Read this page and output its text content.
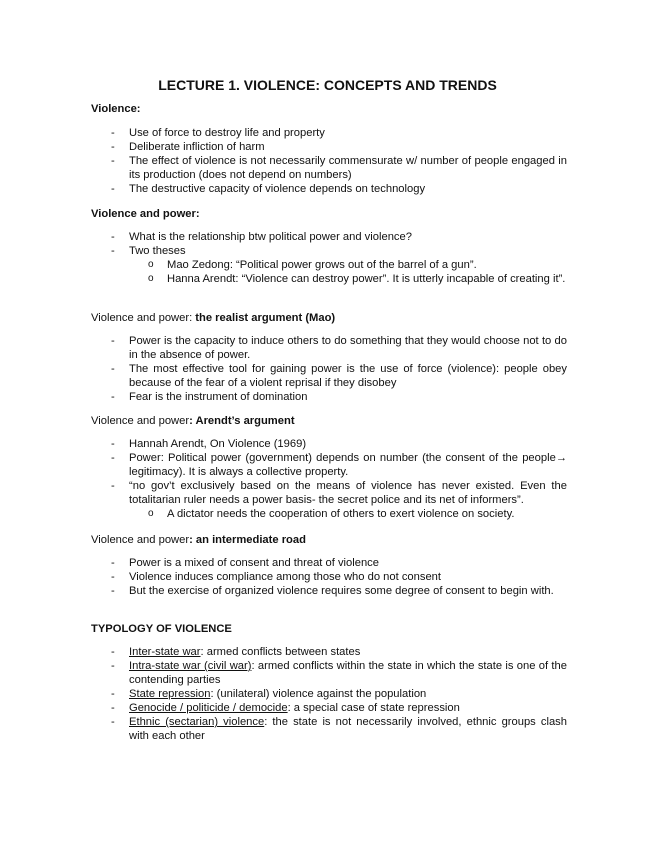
LECTURE 1. VIOLENCE: CONCEPTS AND TRENDS

Violence:

- Use of force to destroy life and property
- Deliberate infliction of harm
- The effect of violence is not necessarily commensurate w/ number of people engaged in its production (does not depend on numbers)
- The destructive capacity of violence depends on technology

Violence and power:

- What is the relationship btw political power and violence?
- Two theses
o Mao Zedong: “Political power grows out of the barrel of a gun”.
o Hanna Arendt: “Violence can destroy power”. It is utterly incapable of creating it”.

Violence and power: the realist argument (Mao)

- Power is the capacity to induce others to do something that they would choose not to do in the absence of power.
- The most effective tool for gaining power is the use of force (violence): people obey because of the fear of a violent reprisal if they disobey
- Fear is the instrument of domination

Violence and power: Arendt’s argument

- Hannah Arendt, On Violence (1969)
- Power: Political power (government) depends on number (the consent of the people→ legitimacy). It is always a collective property.
- “no gov’t exclusively based on the means of violence has never existed. Even the totalitarian ruler needs a power basis- the secret police and its net of informers”.
o A dictator needs the cooperation of others to exert violence on society.

Violence and power: an intermediate road

- Power is a mixed of consent and threat of violence
- Violence induces compliance among those who do not consent
- But the exercise of organized violence requires some degree of consent to begin with.

TYPOLOGY OF VIOLENCE

- Inter-state war: armed conflicts between states
- Intra-state war (civil war): armed conflicts within the state in which the state is one of the contending parties
- State repression: (unilateral) violence against the population
- Genocide / politicide / democide: a special case of state repression
- Ethnic (sectarian) violence: the state is not necessarily involved, ethnic groups clash with each other
